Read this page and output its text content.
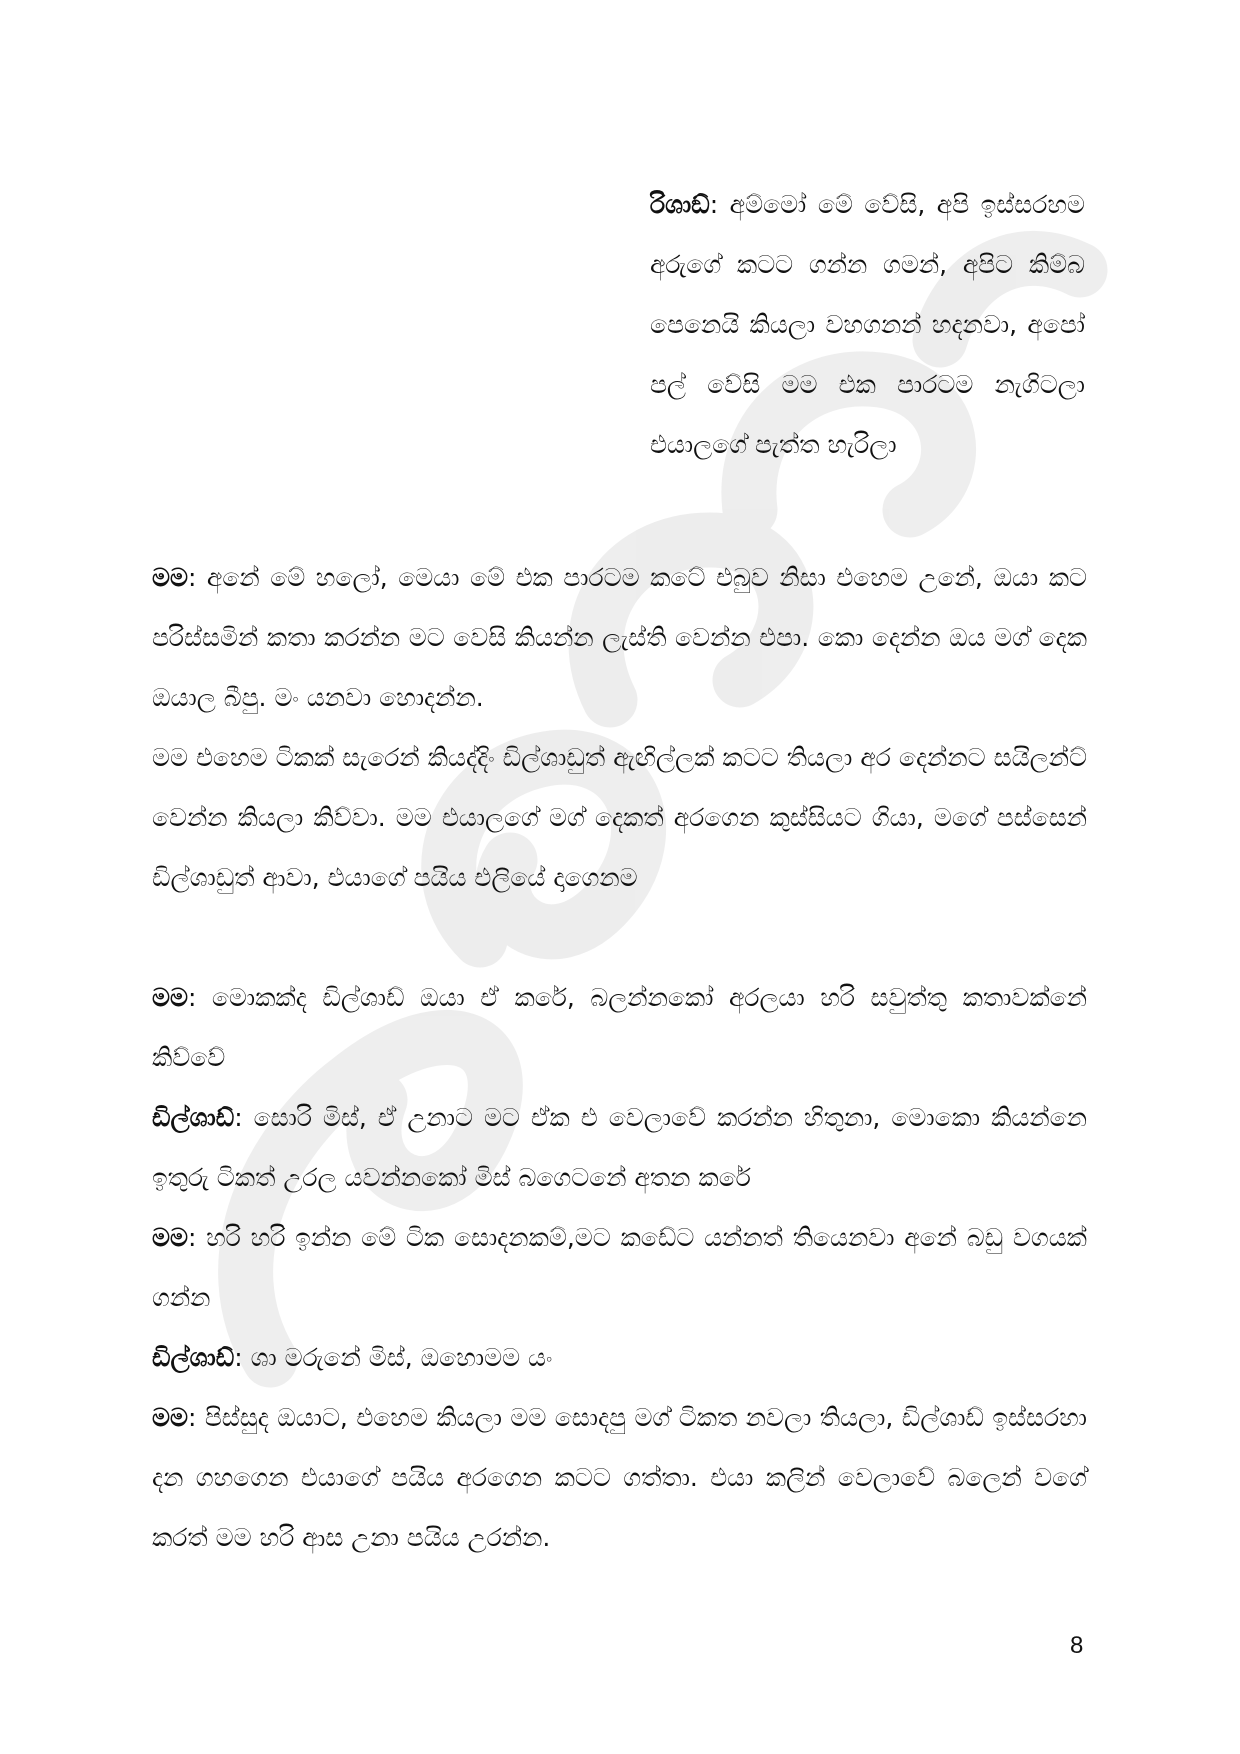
රිශාඞ්: අම්මෝ මේ වේසි, අපි ඉස්සරහම අරුගේ කටට ගන්න ගමන්, අපිට කිම්බ පෙනෙයි කියලා වහගනන් හදනවා, අපෝ පල් වේසි මම එක පාරටම නැගිටලා එයාලගේ පැත්ත හැරිලා

මම: අනේ මේ හලෝ, මෙයා මේ එක පාරටම කටේ එබුව නිසා එහෙම උනේ, ඔයා කට පරිස්සමින් කතා කරන්න මට වෙසි කියන්න ලැස්ති වෙන්න එපා. කො දෙන්න ඔය මග් දෙක ඔයාල බීපු. මං යනවා හොදන්න.

මම එහෙම ටිකක් සැරෙන් කියද්දිං ඩිල්ශාඩුත් ඇඟිල්ලක් කටට තියලා අර දෙන්නට සයිලන්ට් වෙන්න කියලා කිව්වා. මම එයාලගේ මග් දෙකත් අරගෙන කුස්සියට ගියා, මගේ පස්සෙන් ඩිල්ශාඩුත් ආවා, එයාගේ පයිය එලියේ දාගෙනම

මම: මොකක්ද ඩිල්ශාඩ් ඔයා ඒ කරේ, බලන්නකෝ අරලයා හරි සවුත්තු කතාවක්නේ කිව්වේ

ඩිල්ශාඩ්: සොරි මිස්, ඒ උනාට මට ඒක එ වෙලාවේ කරන්න හිතුනා, මොකො කියන්නෙ ඉතුරු ටිකත් උරල යවන්නකෝ මිස් බගෙටනේ අතන කරේ

මම: හරි හරි ඉන්න මේ ටික සොදනකම්,මට කඩේට යන්නත් තියෙනවා අනේ බඩු වගයක් ගන්න

ඩිල්ශාඩ්: ශා මරුනේ මිස්, ඔහොමම යං

මම: පිස්සුද ඔයාට, එහෙම කියලා මම සොදපු මග් ටිකත නවලා තියලා, ඩිල්ශාඩ් ඉස්සරහා දන ගහගෙන එයාගේ පයිය අරගෙන කටට ගත්තා. එයා කලින් වෙලාවේ බලෙන් වගේ කරත් මම හරි ආස උනා පයිය උරන්න.

8
